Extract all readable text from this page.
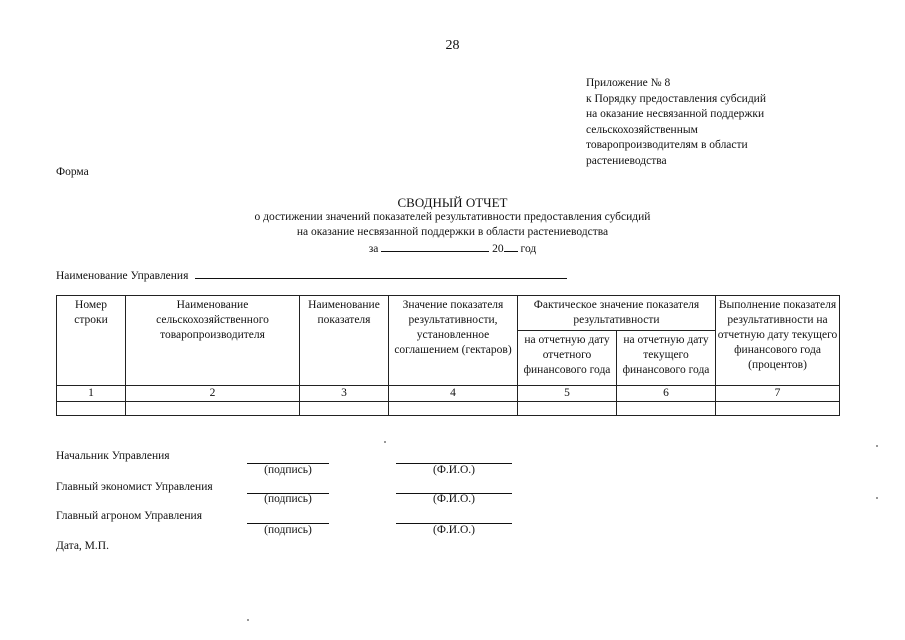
28
Приложение № 8
к Порядку предоставления субсидий
на оказание несвязанной поддержки
сельскохозяйственным
товаропроизводителям в области
растениеводства
Форма
СВОДНЫЙ ОТЧЕТ
о достижении значений показателей результативности предоставления субсидий
на оказание несвязанной поддержки в области растениеводства
за	20 год
Наименование Управления
Номер строки	Наименование сельскохозяйственного товаропроизводителя	Наименование показателя	Значение показателя результативности, установленное соглашением (гектаров)	Фактическое значение показателя результативности		Выполнение показателя результативности на отчетную дату текущего финансового года (процентов)
				на отчетную дату отчетного финансового года	на отчетную дату текущего финансового года	
1	2	3	4	5	6	7

Начальник Управления
(подпись)	(Ф.И.О.)
Главный экономист Управления
(подпись)	(Ф.И.О.)
Главный агроном Управления
(подпись)	(Ф.И.О.)
Дата, М.П.
